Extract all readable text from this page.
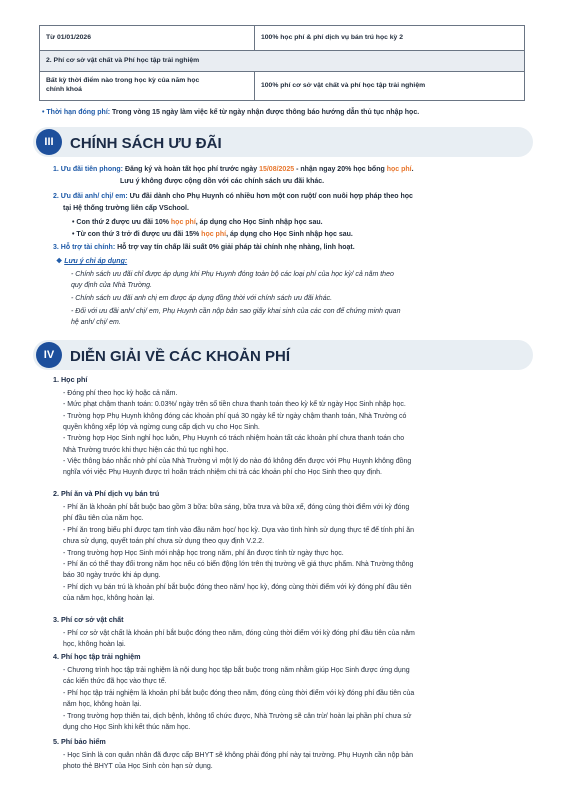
Từ 01/01/2026	100% học phí & phí dịch vụ bán trú học kỳ 2
2. Phí cơ sở vật chất và Phí học tập trải nghiệm	
Bất kỳ thời điểm nào trong học kỳ của năm học
chính khoá	100% phí cơ sở vật chất và phí học tập trải nghiệm
• Thời hạn đóng phí: Trong vòng 15 ngày làm việc kể từ ngày nhận được thông báo hướng dẫn thủ tục nhập học.
III	CHÍNH SÁCH ƯU ĐÃI
1. Ưu đãi tiên phong: Đăng ký và hoàn tất học phí trước ngày 15/08/2025 - nhận ngay 20% học bổng học phí.
Lưu ý không được cộng dồn với các chính sách ưu đãi khác.
2. Ưu đãi anh/ chị/ em: Ưu đãi dành cho Phụ Huynh có nhiều hơn một con ruột/ con nuôi hợp pháp theo học
tại Hệ thống trường liên cấp VSchool.
• Con thứ 2 được ưu đãi 10% học phí, áp dụng cho Học Sinh nhập học sau.
• Từ con thứ 3 trở đi được ưu đãi 15% học phí, áp dụng cho Học Sinh nhập học sau.
3. Hỗ trợ tài chính: Hỗ trợ vay tín chấp lãi suất 0% giải pháp tài chính nhẹ nhàng, linh hoạt.
❖ Lưu ý chỉ áp dụng:
- Chính sách ưu đãi chỉ được áp dụng khi Phụ Huynh đóng toàn bộ các loại phí của học kỳ/ cả năm theo
quy định của Nhà Trường.
- Chính sách ưu đãi anh chị em được áp dụng đồng thời với chính sách ưu đãi khác.
- Đối với ưu đãi anh/ chị/ em, Phụ Huynh cần nộp bản sao giấy khai sinh của các con để chứng minh quan
hệ anh/ chị/ em.
IV	DIỄN GIẢI VỀ CÁC KHOẢN PHÍ
1. Học phí
- Đóng phí theo học kỳ hoặc cả năm.
- Mức phạt chậm thanh toán: 0.03%/ ngày trên số tiền chưa thanh toán theo kỳ kể từ ngày Học Sinh nhập học.
- Trường hợp Phụ Huynh không đóng các khoản phí quá 30 ngày kể từ ngày chậm thanh toán, Nhà Trường có
quyền không xếp lớp và ngừng cung cấp dịch vụ cho Học Sinh.
- Trường hợp Học Sinh nghỉ học luôn, Phụ Huynh có trách nhiệm hoàn tất các khoản phí chưa thanh toán cho
Nhà Trường trước khi thực hiện các thủ tục nghỉ học.
- Việc thông báo nhắc nhở phí của Nhà Trường vì một lý do nào đó không đến được với Phụ Huynh không đồng
nghĩa với việc Phụ Huynh được trì hoãn trách nhiệm chi trả các khoản phí cho Học Sinh theo quy định.
2. Phí ăn và Phí dịch vụ bán trú
- Phí ăn là khoản phí bắt buộc bao gồm 3 bữa: bữa sáng, bữa trưa và bữa xế, đóng cùng thời điểm với kỳ đóng
phí đầu tiên của năm học.
- Phí ăn trong biểu phí được tạm tính vào đầu năm học/ học kỳ. Dựa vào tình hình sử dụng thực tế để tính phí ăn
chưa sử dụng, quyết toán phí chưa sử dụng theo quy định V.2.2.
- Trong trường hợp Học Sinh mới nhập học trong năm, phí ăn được tính từ ngày thực học.
- Phí ăn có thể thay đổi trong năm học nếu có biến động lớn trên thị trường về giá thực phẩm. Nhà Trường thông
báo 30 ngày trước khi áp dụng.
- Phí dịch vụ bán trú là khoản phí bắt buộc đóng theo năm/ học kỳ, đóng cùng thời điểm với kỳ đóng phí đầu tiên
của năm học, không hoàn lại.
3. Phí cơ sở vật chất
- Phí cơ sở vật chất là khoản phí bắt buộc đóng theo năm, đóng cùng thời điểm với kỳ đóng phí đầu tiên của năm
học, không hoàn lại.
4. Phí học tập trải nghiệm
- Chương trình học tập trải nghiệm là nội dung học tập bắt buộc trong năm nhằm giúp Học Sinh được ứng dụng
các kiến thức đã học vào thực tế.
- Phí học tập trải nghiệm là khoản phí bắt buộc đóng theo năm, đóng cùng thời điểm với kỳ đóng phí đầu tiên của
năm học, không hoàn lại.
- Trong trường hợp thiên tai, dịch bệnh, không tổ chức được, Nhà Trường sẽ cân trừ/ hoàn lại phần phí chưa sử
dụng cho Học Sinh khi kết thúc năm học.
5. Phí bảo hiểm
- Học Sinh là con quân nhân đã được cấp BHYT sẽ không phải đóng phí này tại trường. Phụ Huynh cần nộp bản
photo thẻ BHYT của Học Sinh còn hạn sử dụng.
